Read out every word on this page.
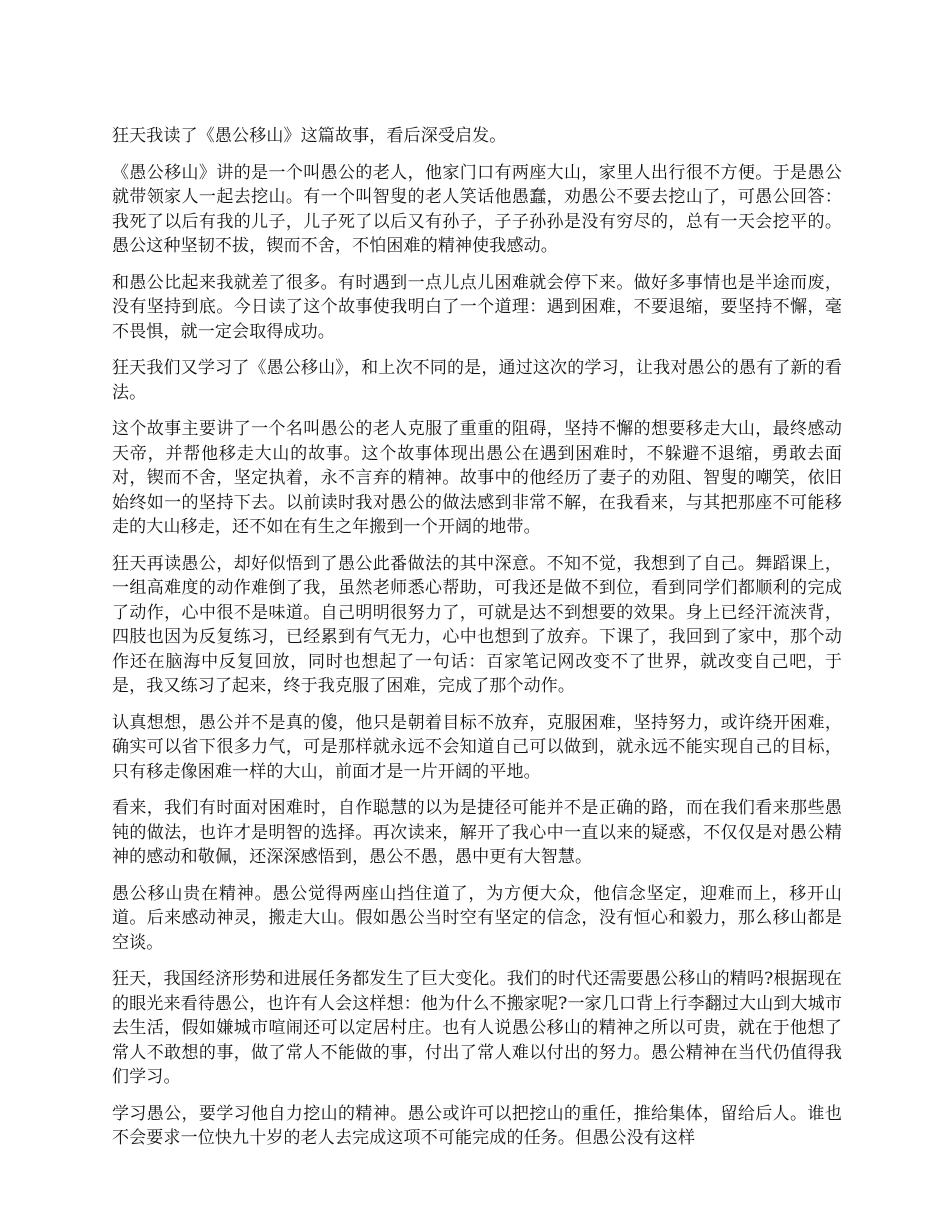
狂天我读了《愚公移山》这篇故事，看后深受启发。

《愚公移山》讲的是一个叫愚公的老人，他家门口有两座大山，家里人出行很不方便。于是愚公就带领家人一起去挖山。有一个叫智叟的老人笑话他愚蠢，劝愚公不要去挖山了，可愚公回答：我死了以后有我的儿子，儿子死了以后又有孙子，子子孙孙是没有穷尽的，总有一天会挖平的。愚公这种坚韧不拔，锲而不舍，不怕困难的精神使我感动。

和愚公比起来我就差了很多。有时遇到一点儿点儿困难就会停下来。做好多事情也是半途而废，没有坚持到底。今日读了这个故事使我明白了一个道理：遇到困难，不要退缩，要坚持不懈，毫不畏惧，就一定会取得成功。

狂天我们又学习了《愚公移山》，和上次不同的是，通过这次的学习，让我对愚公的愚有了新的看法。

这个故事主要讲了一个名叫愚公的老人克服了重重的阻碍，坚持不懈的想要移走大山，最终感动天帝，并帮他移走大山的故事。这个故事体现出愚公在遇到困难时，不躲避不退缩，勇敢去面对，锲而不舍，坚定执着，永不言弃的精神。故事中的他经历了妻子的劝阻、智叟的嘲笑，依旧始终如一的坚持下去。以前读时我对愚公的做法感到非常不解，在我看来，与其把那座不可能移走的大山移走，还不如在有生之年搬到一个开阔的地带。

狂天再读愚公，却好似悟到了愚公此番做法的其中深意。不知不觉，我想到了自己。舞蹈课上，一组高难度的动作难倒了我，虽然老师悉心帮助，可我还是做不到位，看到同学们都顺利的完成了动作，心中很不是味道。自己明明很努力了，可就是达不到想要的效果。身上已经汗流浃背，四肢也因为反复练习，已经累到有气无力，心中也想到了放弃。下课了，我回到了家中，那个动作还在脑海中反复回放，同时也想起了一句话：百家笔记网改变不了世界，就改变自己吧，于是，我又练习了起来，终于我克服了困难，完成了那个动作。

认真想想，愚公并不是真的傻，他只是朝着目标不放弃，克服困难，坚持努力，或许绕开困难，确实可以省下很多力气，可是那样就永远不会知道自己可以做到，就永远不能实现自己的目标，只有移走像困难一样的大山，前面才是一片开阔的平地。

看来，我们有时面对困难时，自作聪慧的以为是捷径可能并不是正确的路，而在我们看来那些愚钝的做法，也许才是明智的选择。再次读来，解开了我心中一直以来的疑惑，不仅仅是对愚公精神的感动和敬佩，还深深感悟到，愚公不愚，愚中更有大智慧。

愚公移山贵在精神。愚公觉得两座山挡住道了，为方便大众，他信念坚定，迎难而上，移开山道。后来感动神灵，搬走大山。假如愚公当时空有坚定的信念，没有恒心和毅力，那么移山都是空谈。

狂天，我国经济形势和进展任务都发生了巨大变化。我们的时代还需要愚公移山的精吗?根据现在的眼光来看待愚公，也许有人会这样想：他为什么不搬家呢?一家几口背上行李翻过大山到大城市去生活，假如嫌城市喧闹还可以定居村庄。也有人说愚公移山的精神之所以可贵，就在于他想了常人不敢想的事，做了常人不能做的事，付出了常人难以付出的努力。愚公精神在当代仍值得我们学习。

学习愚公，要学习他自力挖山的精神。愚公或许可以把挖山的重任，推给集体，留给后人。谁也不会要求一位快九十岁的老人去完成这项不可能完成的任务。但愚公没有这样
